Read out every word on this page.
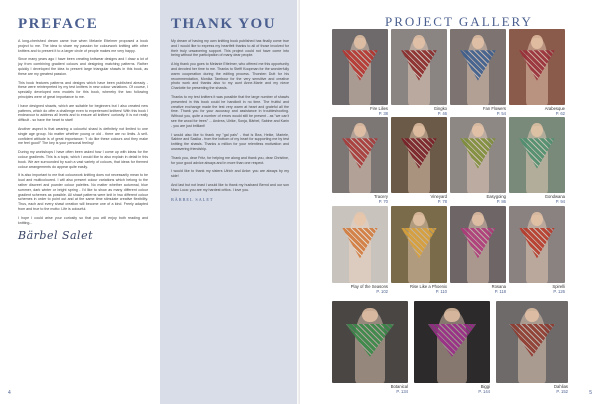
PREFACE

A long-cherished dream came true when Melanie Ettelmer proposed a book project to me. The idea to share my passion for colourwork knitting with other knitters and to present it to a larger circle of people makes me very happy.

Since many years ago I have been creating knitwear designs and I draw a lot of joy from combining gradient colours and designing matching patterns. Rather quickly I developed the idea to present large triangular shawls in this book, as these are my greatest passion.

This book features patterns and designs which have been published already - these were reinterpreted by my test knitters in new colour variations. Of course, I specially developed new models for this book, whereby the two following principles were of great importance to me.

I have designed shawls, which are suitable for beginners but I also created new patterns, which do offer a challenge even to experienced knitters! With this book I endeavour to address all levels and to ensure all knitters' curiosity. It is not really difficult - so have the heart to start!

Another aspect is that wearing a colourful shawl is definitely not limited to one single age group. No matter whether young or old - there are no limits. A self-confident attitude is of great importance: "I do like these colours and they make me feel good!" The key is your personal feeling!

During my workshops I have often been asked how I come up with ideas for the colour gradients. This is a topic, which I would like to also explain in detail in this book. We are surrounded by such a vast variety of colours, that ideas for themed colour arrangements do appear quite easily.

It is also important to me that colourwork knitting does not necessarily mean to be loud and multicoloured. I will also present colour variations which belong to the rather discreet and powder colour palettes. No matter whether autumnal, blue summer, dark winter or bright spring - I'd like to show as many different colour gradient schemes as possible. All shawl patterns were knit in two different colour schemes in order to point out and at the same time stimulate creative flexibility. Thus, each and every shawl creation will become one of a kind. Freely adapted from and true to the motto: Life is colourful.

I hope I could arise your curiosity so that you will enjoy both reading and knitting...

Bärbel Salet
THANK YOU

My dream of having my own knitting book published has finally come true and I would like to express my heartfelt thanks to all of those involved for their truly unwavering support. This project could not have come into being without the participation of many dear people.

A big thank you goes to Melanie Ettelmer, who offered me this opportunity and devoted her time to me. Thanks to Steffi Koopman for the wonderfully warm cooperation during the editing process. Thorsten Dutt for his recommendation, Monika Tambour for the very sensitive and creative photo work and thanks also to my aunt Anne-Marie and my niece Charlotte for presenting the shawls.

Thanks to my test knitters it was possible that the large number of shawls presented in this book could be handknit in no time. The fruitful and creative exchange made the test very warm at heart and grateful all the time. Thank you for your accuracy and assistance in troubleshooting. Without you, quite a number of errors would still be present - as "we can't see the wood for trees" ... Andrea, Ulrike, Sonja, Bärbel, Sabine and Karin - you are just brilliant!

I would also like to thank my "gal pals" - that is Bea, Heike, Mariele, Sabine and Sasika - from the bottom of my heart for supporting me by test knitting the shawls. Thanks a million for your relentless motivation and unwavering friendship.

Thank you, dear Fritz, for helping me along and thank you, dear Christine, for your good advice always and in more than one respect.

I would like to thank my sisters Ulrich and Anke: you are always by my side!

And last but not least I would like to thank my husband Bernd and our son Marc Luca: you are my hardest critics. I love you.

BÄRBEL SALET
4	5
PROJECT GALLERY
Fire Lilies
P. 38
Gingko
P. 46
Fan Flowers
P. 54
Arabesque
P. 62
Tracery
P. 70
Vineyard
P. 78
Easygoing
P. 86
Gondwana
P. 94
Play of the Seasons
P. 102
Rise Like a Phoenix
P. 110
Rosana
P. 118
Spirelli
P. 126
Botanical
P. 134
Biggi
P. 144
Dahlias
P. 152
